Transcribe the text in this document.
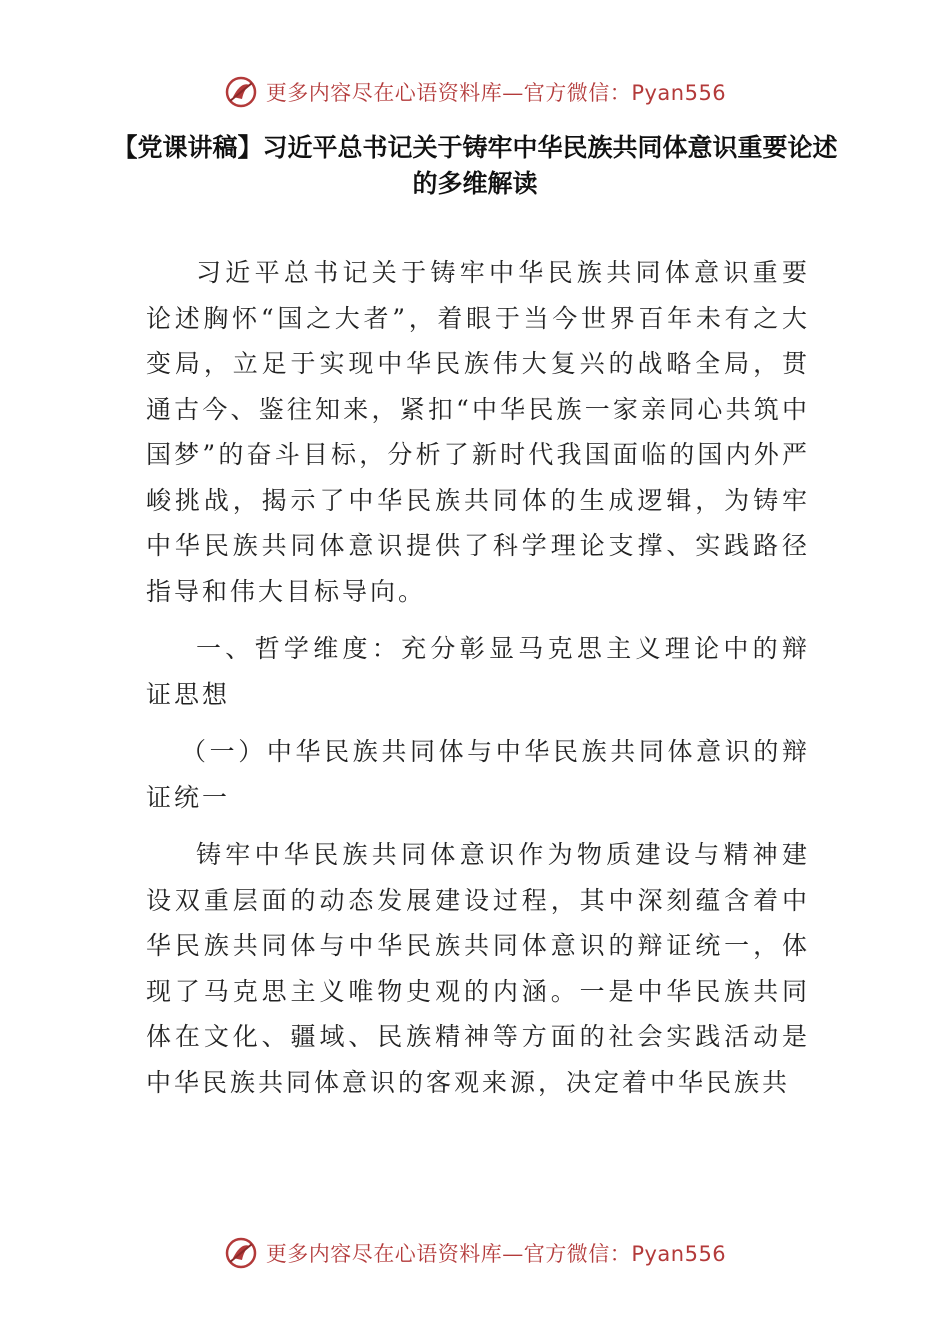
更多内容尽在心语资料库—官方微信：Pyan556
【党课讲稿】习近平总书记关于铸牢中华民族共同体意识重要论述的多维解读

习近平总书记关于铸牢中华民族共同体意识重要论述胸怀“国之大者”，着眼于当今世界百年未有之大变局，立足于实现中华民族伟大复兴的战略全局，贯通古今、鉴往知来，紧扣“中华民族一家亲同心共筑中国梦”的奋斗目标，分析了新时代我国面临的国内外严峻挑战，揭示了中华民族共同体的生成逻辑，为铸牢中华民族共同体意识提供了科学理论支撑、实践路径指导和伟大目标导向。

一、哲学维度：充分彰显马克思主义理论中的辩证思想

（一）中华民族共同体与中华民族共同体意识的辩证统一

铸牢中华民族共同体意识作为物质建设与精神建设双重层面的动态发展建设过程，其中深刻蕴含着中华民族共同体与中华民族共同体意识的辩证统一，体现了马克思主义唯物史观的内涵。一是中华民族共同体在文化、疆域、民族精神等方面的社会实践活动是中华民族共同体意识的客观来源，决定着中华民族共

更多内容尽在心语资料库—官方微信：Pyan556
